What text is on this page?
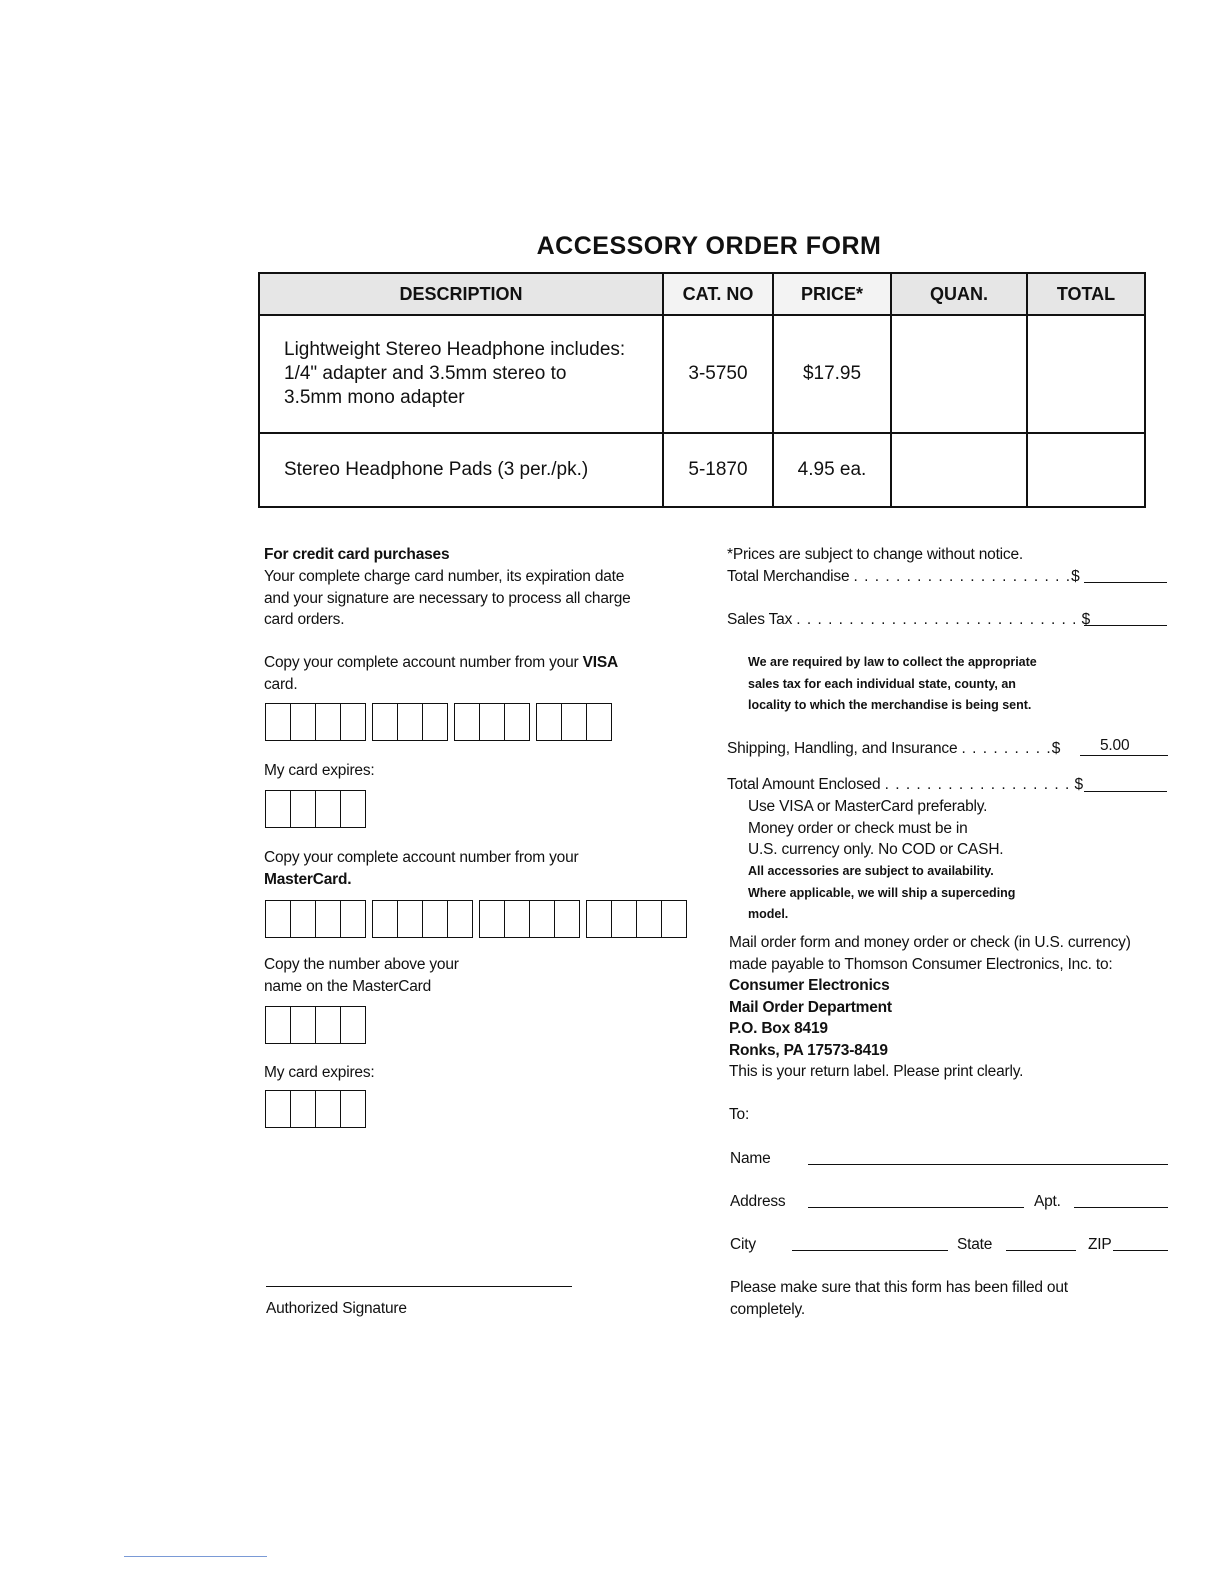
ACCESSORY ORDER FORM
DESCRIPTION	CAT. NO	PRICE*	QUAN.	TOTAL

Lightweight Stereo Headphone includes:
1/4" adapter and 3.5mm stereo to
3.5mm mono adapter	3-5750	$17.95		

Stereo Headphone Pads (3 per./pk.)	5-1870	4.95 ea.		
For credit card purchases
Your complete charge card number, its expiration date
and your signature are necessary to process all charge
card orders.
Copy your complete account number from your VISA
card.
My card expires:
Copy your complete account number from your
MasterCard.
Copy the number above your
name on the MasterCard
My card expires:
Authorized Signature
*Prices are subject to change without notice.
Total Merchandise . . . . . . . . . . . . . . . . . . . . .$
Sales Tax . . . . . . . . . . . . . . . . . . . . . . . . . . . $
We are required by law to collect the appropriate
sales tax for each individual state, county, an
locality to which the merchandise is being sent.
Shipping, Handling, and Insurance . . . . . . . . .$	5.00
Total Amount Enclosed . . . . . . . . . . . . . . . . . . $
Use VISA or MasterCard preferably.
Money order or check must be in
U.S. currency only. No COD or CASH.
All accessories are subject to availability.
Where applicable, we will ship a superceding
model.
Mail order form and money order or check (in U.S. currency)
made payable to Thomson Consumer Electronics, Inc. to:
Consumer Electronics
Mail Order Department
P.O. Box 8419
Ronks, PA 17573-8419
This is your return label. Please print clearly.
To:
Name
Address	Apt.
City	State	ZIP
Please make sure that this form has been filled out
completely.
